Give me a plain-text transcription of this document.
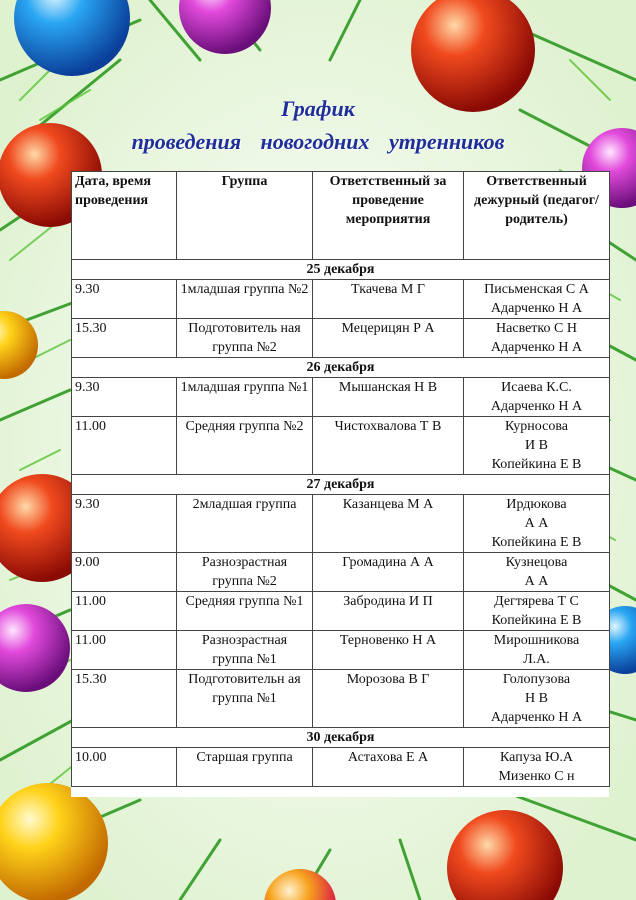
График
проведения новогодних утренников
Дата, время проведения	Группа	Ответственный за проведение мероприятия	Ответственный дежурный (педагог/ родитель)
25 декабря			
9.30	1младшая группа №2	Ткачева М Г	Письменская С А
Адарченко Н А

15.30	Подготовитель ная группа №2	Мецерицян Р А	Насветко С Н
Адарченко Н А

26 декабря			
9.30	1младшая группа №1	Мышанская Н В	Исаева К.С.
Адарченко Н А

11.00	Средняя группа №2	Чистохвалова Т В	Курносова
И В
Копейкина Е В

27 декабря			
9.30	2младшая группа	Казанцева М А	Ирдюкова
А А
Копейкина Е В

9.00	Разнозрастная группа №2	Громадина А А	Кузнецова
А А

11.00	Средняя группа №1	Забродина И П	Дегтярева Т С
Копейкина Е В

11.00	Разнозрастная группа №1	Терновенко Н А	Мирошникова
Л.А.

15.30	Подготовительн ая группа №1	Морозова В Г	Голопузова
Н В
Адарченко Н А

30 декабря			
10.00	Старшая группа	Астахова Е А	Капуза Ю.А
Мизенко С н
